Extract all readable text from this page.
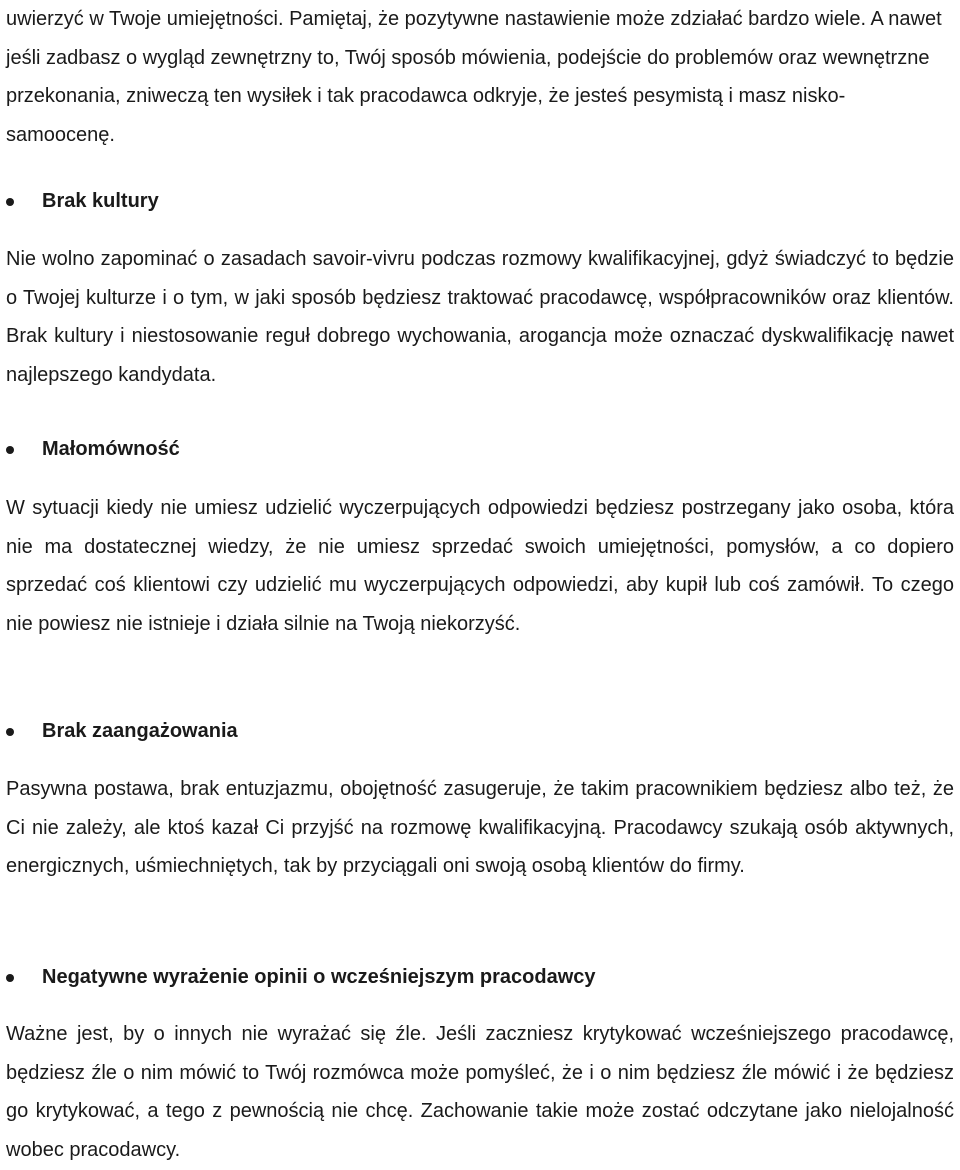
uwierzyć w Twoje umiejętności. Pamiętaj, że pozytywne nastawienie może zdziałać bardzo wiele. A nawet jeśli zadbasz o wygląd zewnętrzny to, Twój sposób mówienia, podejście do problemów oraz wewnętrzne przekonania, zniweczą ten wysiłek i tak pracodawca odkryje, że jesteś pesymistą i masz nisko- samoocenę.

Brak kultury

Nie wolno zapominać o zasadach savoir-vivru podczas rozmowy kwalifikacyjnej, gdyż świadczyć to będzie o Twojej kulturze i o tym, w jaki sposób będziesz traktować pracodawcę, współpracowników oraz klientów. Brak kultury i niestosowanie reguł dobrego wychowania, arogancja może oznaczać dyskwalifikację nawet najlepszego kandydata.

Małomówność

W sytuacji kiedy nie umiesz udzielić wyczerpujących odpowiedzi będziesz postrzegany jako osoba, która nie ma dostatecznej wiedzy, że nie umiesz sprzedać swoich umiejętności, pomysłów, a co dopiero sprzedać coś klientowi czy udzielić mu wyczerpujących odpowiedzi, aby kupił lub coś zamówił. To czego nie powiesz nie istnieje i działa silnie na Twoją niekorzyść.

Brak zaangażowania

Pasywna postawa, brak entuzjazmu, obojętność zasugeruje, że takim pracownikiem będziesz albo też, że Ci nie zależy, ale ktoś kazał Ci przyjść na rozmowę kwalifikacyjną. Pracodawcy szukają osób aktywnych, energicznych, uśmiechniętych, tak by przyciągali oni swoją osobą klientów do firmy.

Negatywne wyrażenie opinii o wcześniejszym pracodawcy

Ważne jest, by o innych nie wyrażać się źle. Jeśli zaczniesz krytykować wcześniejszego pracodawcę, będziesz źle o nim mówić to Twój rozmówca może pomyśleć, że i o nim będziesz źle mówić i że będziesz go krytykować, a tego z pewnością nie chcę. Zachowanie takie może zostać odczytane jako nielojalność wobec pracodawcy.
